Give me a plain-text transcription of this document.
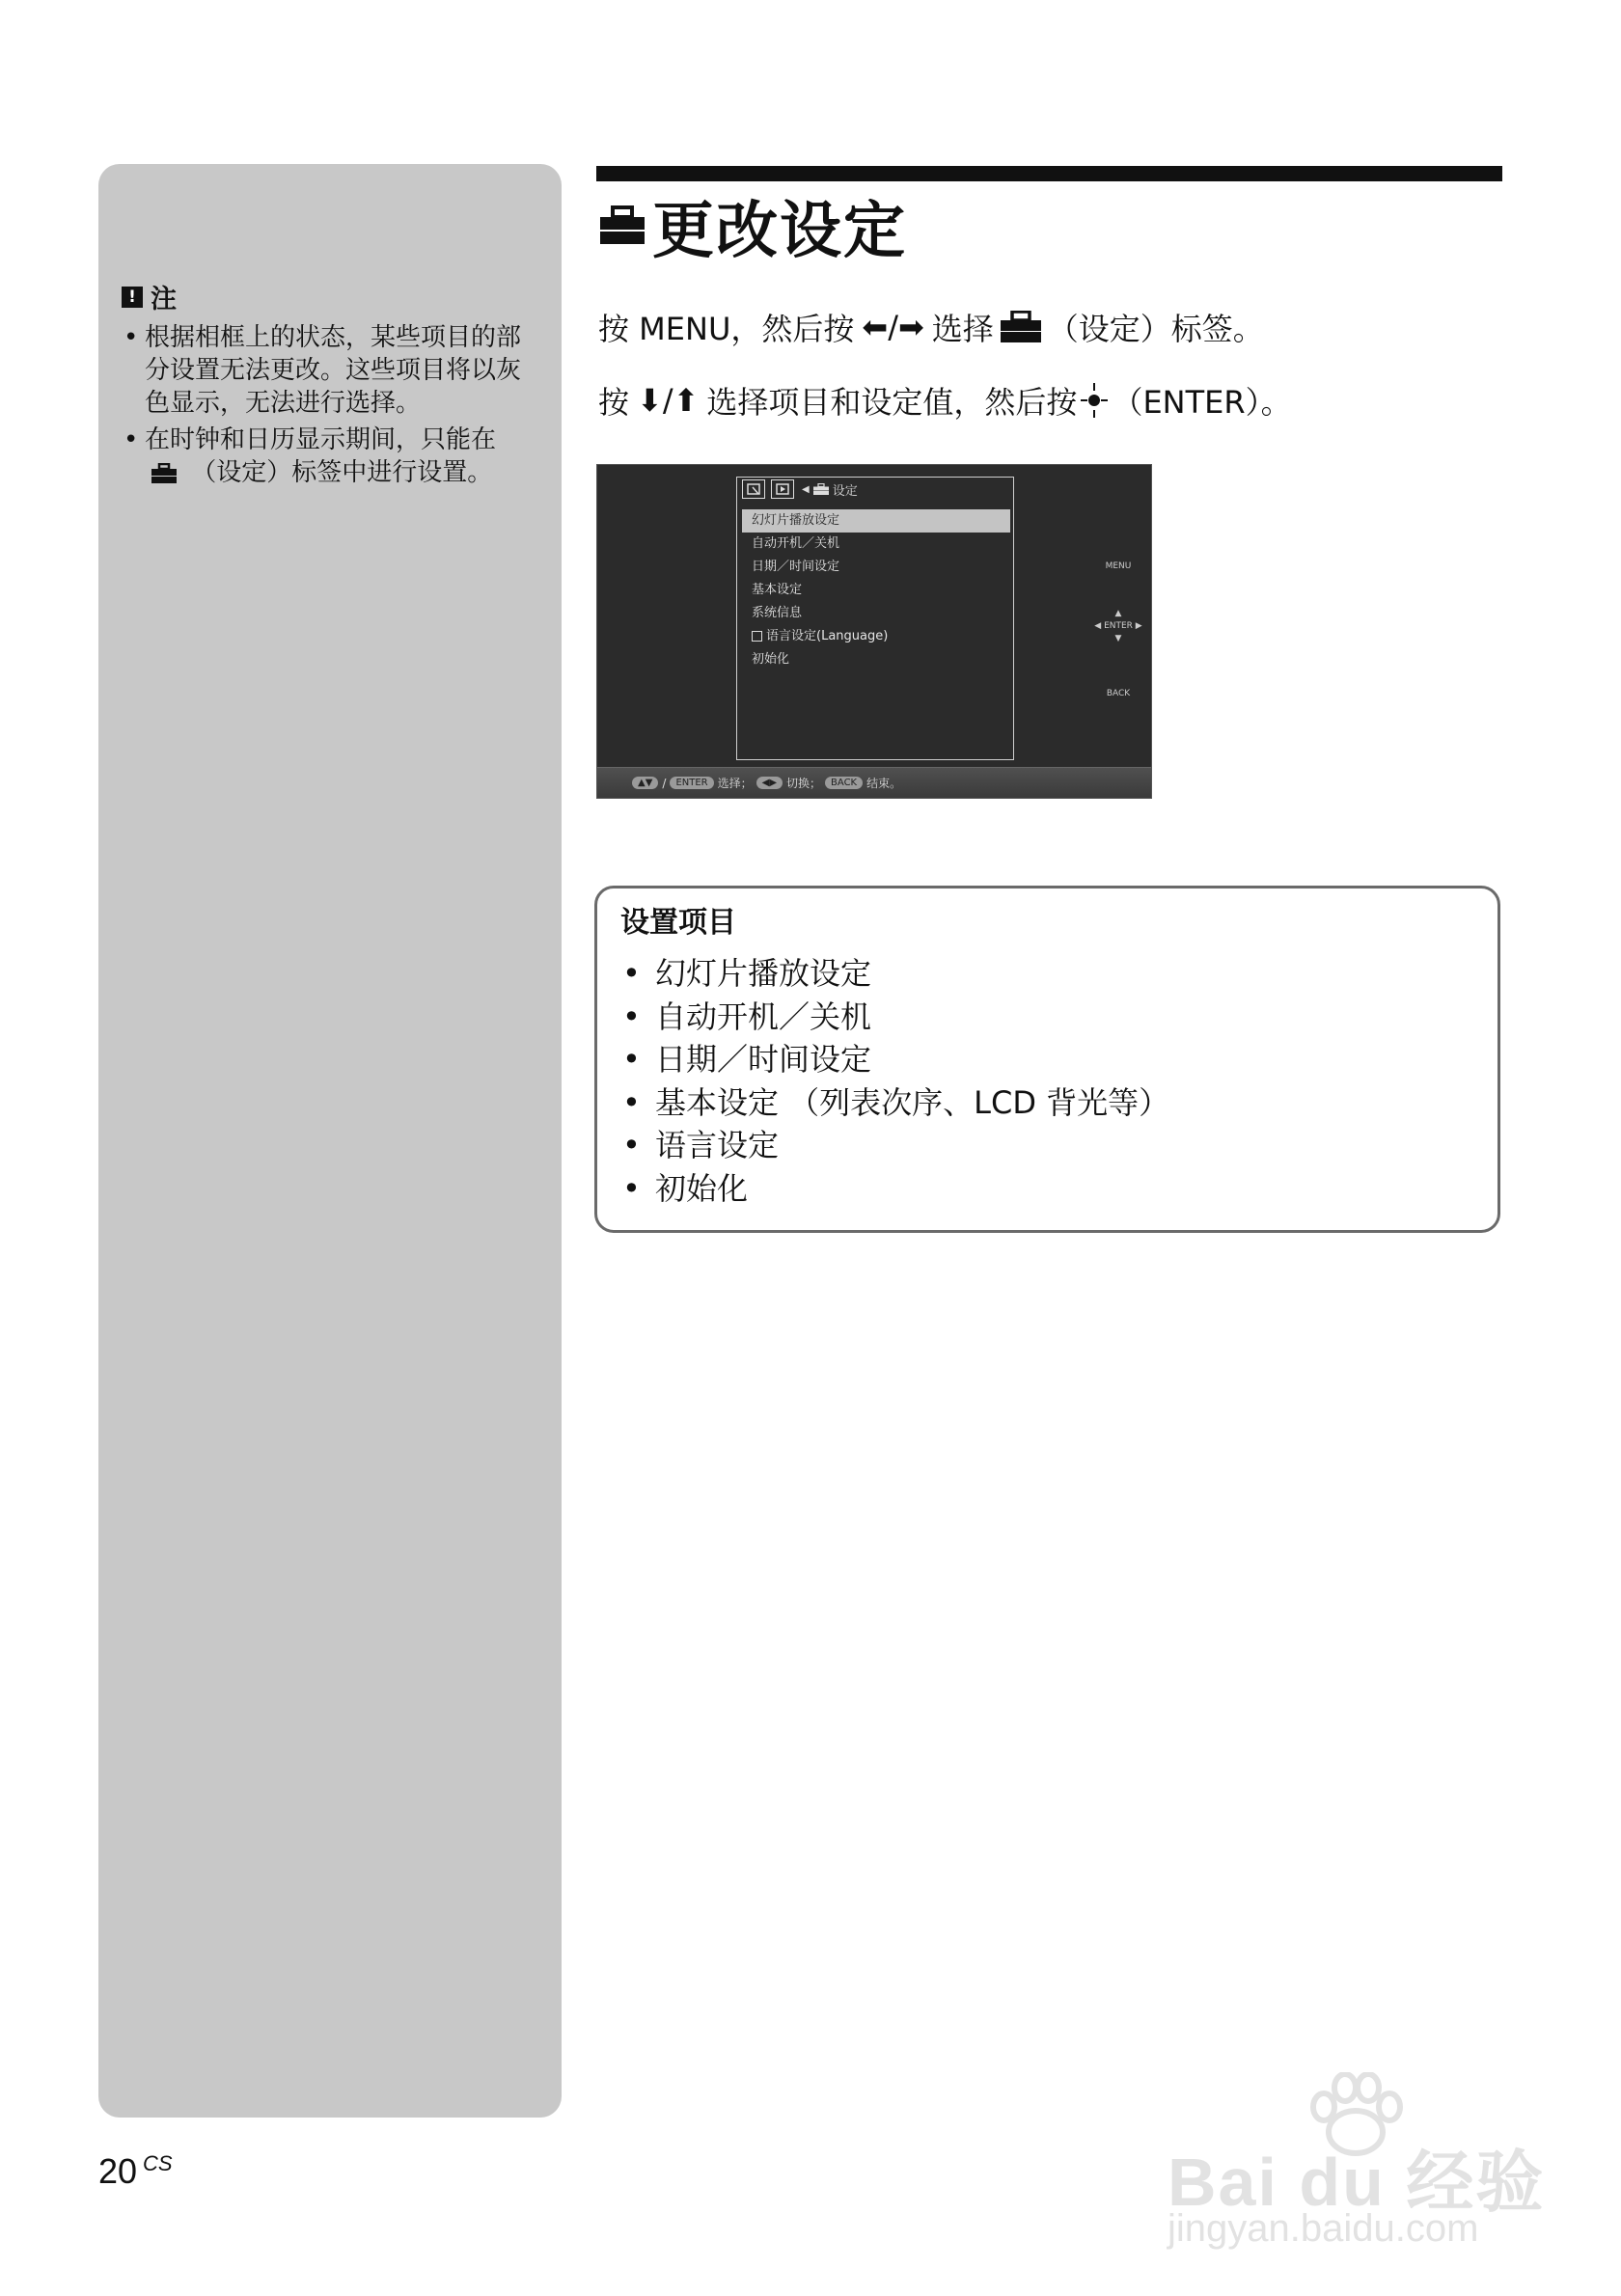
! 注
• 根据相框上的状态，某些项目的部分设置无法更改。这些项目将以灰色显示，无法进行选择。
• 在时钟和日历显示期间，只能在  （设定）标签中进行设置。
更改设定
按 MENU，然后按 ⬅/➡ 选择 （设定）标签。
按 ⬇/⬆ 选择项目和设定值，然后按 （ENTER）。
◀ 设定
幻灯片播放设定
自动开机／关机
日期／时间设定
基本设定
系统信息
语言设定(Language)
初始化
MENU
▲
◀ ENTER ▶
▼
BACK
▲▼ /	ENTER 选择；	◀▶ 切换；	BACK 结束。
设置项目
• 幻灯片播放设定
• 自动开机／关机
• 日期／时间设定
• 基本设定 （列表次序、LCD 背光等）
• 语言设定
• 初始化
20 $^{CS}$	Bai du 经验
jingyan.baidu.com
